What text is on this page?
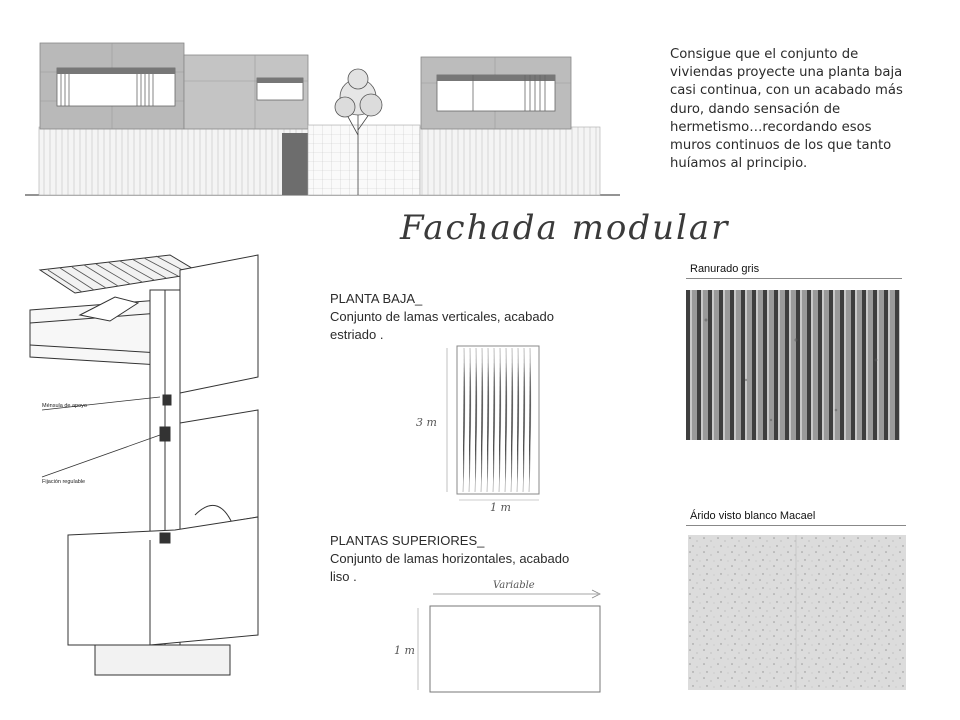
Consigue que el conjunto de viviendas proyecte una planta baja casi continua, con un acabado más duro, dando sensación de hermetismo…recordando esos muros continuos de los que tanto huíamos al principio.
Fachada modular
Ménsula de apoyo
Fijación regulable
PLANTA BAJA_
Conjunto de lamas verticales, acabado estriado .
3 m
1 m
PLANTAS SUPERIORES_
Conjunto de lamas horizontales, acabado liso .
Variable
1 m
Ranurado gris
Árido visto blanco Macael
